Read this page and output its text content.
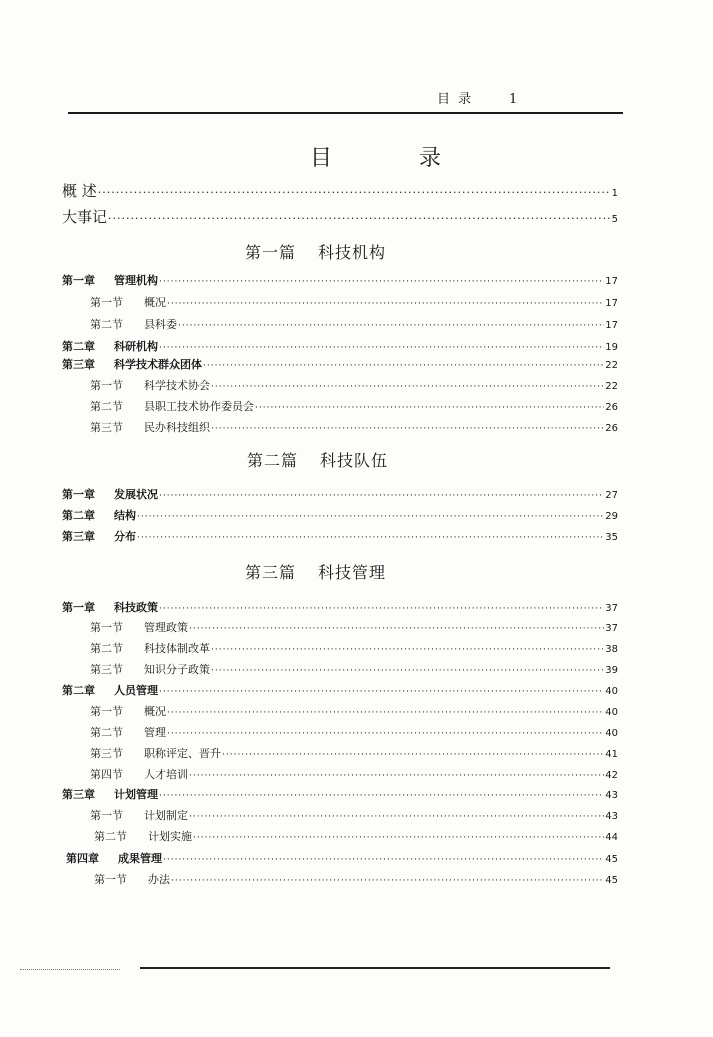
目 录	1
目 录
概 述 ·····	1
大事记 ·····	5
第一篇 科技机构
第一章 管理机构 ·····	17
第一节 概况 ·····	17
第二节 县科委 ·····	17
第二章 科研机构 ·····	19
第三章 科学技术群众团体 ·····	22
第一节 科学技术协会 ·····	22
第二节 县职工技术协作委员会 ·····	26
第三节 民办科技组织 ·····	26
第二篇 科技队伍
第一章 发展状况 ·····	27
第二章 结构 ·····	29
第三章 分布 ·····	35
第三篇 科技管理
第一章 科技政策 ·····	37
第一节 管理政策 ·····	37
第二节 科技体制改革 ·····	38
第三节 知识分子政策 ·····	39
第二章 人员管理 ·····	40
第一节 概况 ·····	40
第二节 管理 ·····	40
第三节 职称评定、晋升 ·····	41
第四节 人才培训 ·····	42
第三章 计划管理 ·····	43
第一节 计划制定 ·····	43
第二节 计划实施 ·····	44
第四章 成果管理 ·····	45
第一节 办法 ·····	45
